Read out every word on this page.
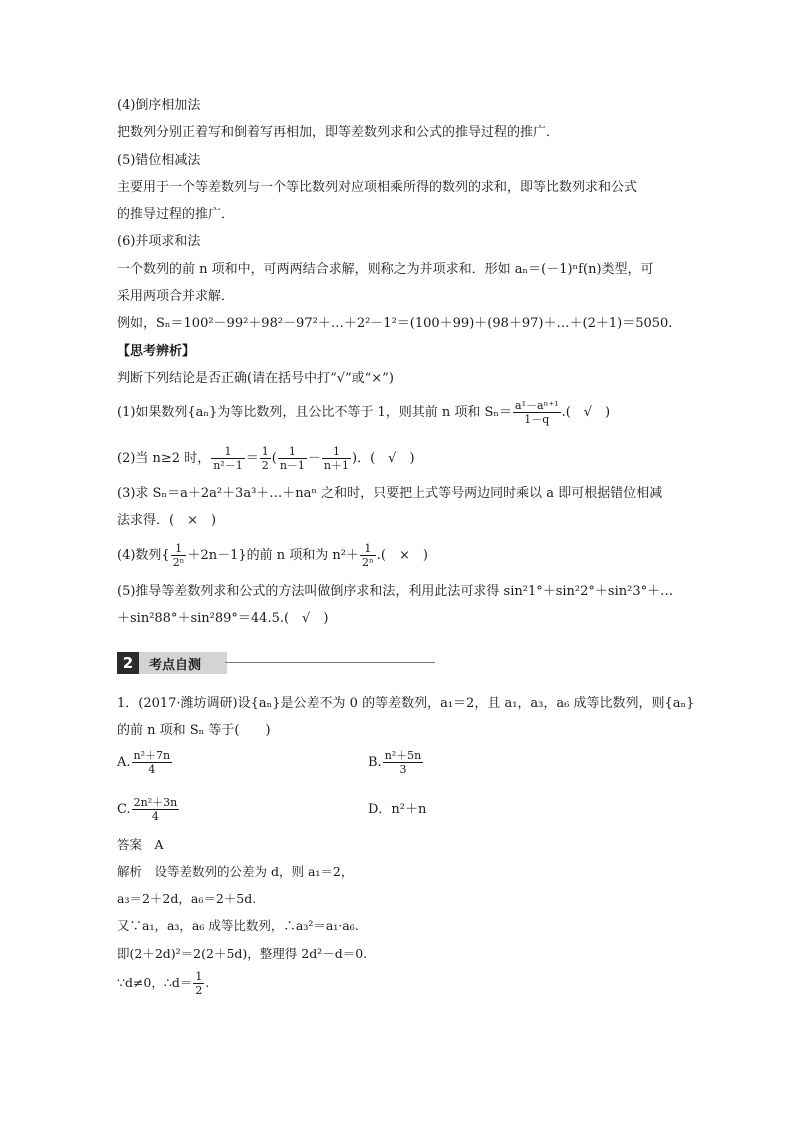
(4)倒序相加法
把数列分别正着写和倒着写再相加，即等差数列求和公式的推导过程的推广．
(5)错位相减法
主要用于一个等差数列与一个等比数列对应项相乘所得的数列的求和，即等比数列求和公式
的推导过程的推广．
(6)并项求和法
一个数列的前 n 项和中，可两两结合求解，则称之为并项求和．形如 aₙ＝(－1)ⁿf(n)类型，可
采用两项合并求解．
例如，Sₙ＝100²－99²＋98²－97²＋…＋2²－1²＝(100＋99)＋(98＋97)＋…＋(2＋1)＝5050.
【思考辨析】
判断下列结论是否正确(请在括号中打“√”或“×”)
(1)如果数列{aₙ}为等比数列，且公比不等于 1，则其前 n 项和 $S_n= \frac{\text{a¹－aⁿ⁺¹}}{1-q}$ .(　√　)
(2)当 n≥2 时， $\frac{1}{\text{n²－1}} = \frac{1}{2}$ ( $\frac{1}{n-1} - \frac{1}{n+1}$ )．(　√　)
(3)求 Sₙ＝a＋2a²＋3a³＋…＋naⁿ 之和时，只要把上式等号两边同时乘以 a 即可根据错位相减
法求得．(　×　)
(4)数列{ $\frac{1}{\text{2ⁿ}} +2n-1$}的前 n 项和为 $n^2+ \frac{1}{\text{2ⁿ}}$ .(　×　)
(5)推导等差数列求和公式的方法叫做倒序求和法，利用此法可求得 sin²1°＋sin²2°＋sin²3°＋…
＋sin²88°＋sin²89°＝44.5.(　√　)
2	考点自测
1．(2017·潍坊调研)设{aₙ}是公差不为 0 的等差数列，a₁＝2，且 a₁，a₃，a₆ 成等比数列，则{aₙ}
的前 n 项和 Sₙ 等于(　　)
A. $\frac{\text{n²＋7n}}{4}$	B. $\frac{\text{n²＋5n}}{3}$
C. $\frac{\text{2n²＋3n}}{4}$	D．n²＋n
答案　A
解析　设等差数列的公差为 d，则 a₁＝2，
a₃＝2＋2d，a₆＝2＋5d.
又∵a₁，a₃，a₆ 成等比数列，∴a₃²＝a₁·a₆.
即(2＋2d)²＝2(2＋5d)，整理得 2d²－d＝0.
∵d≠0，∴d＝ $\frac{1}{2}$ .
